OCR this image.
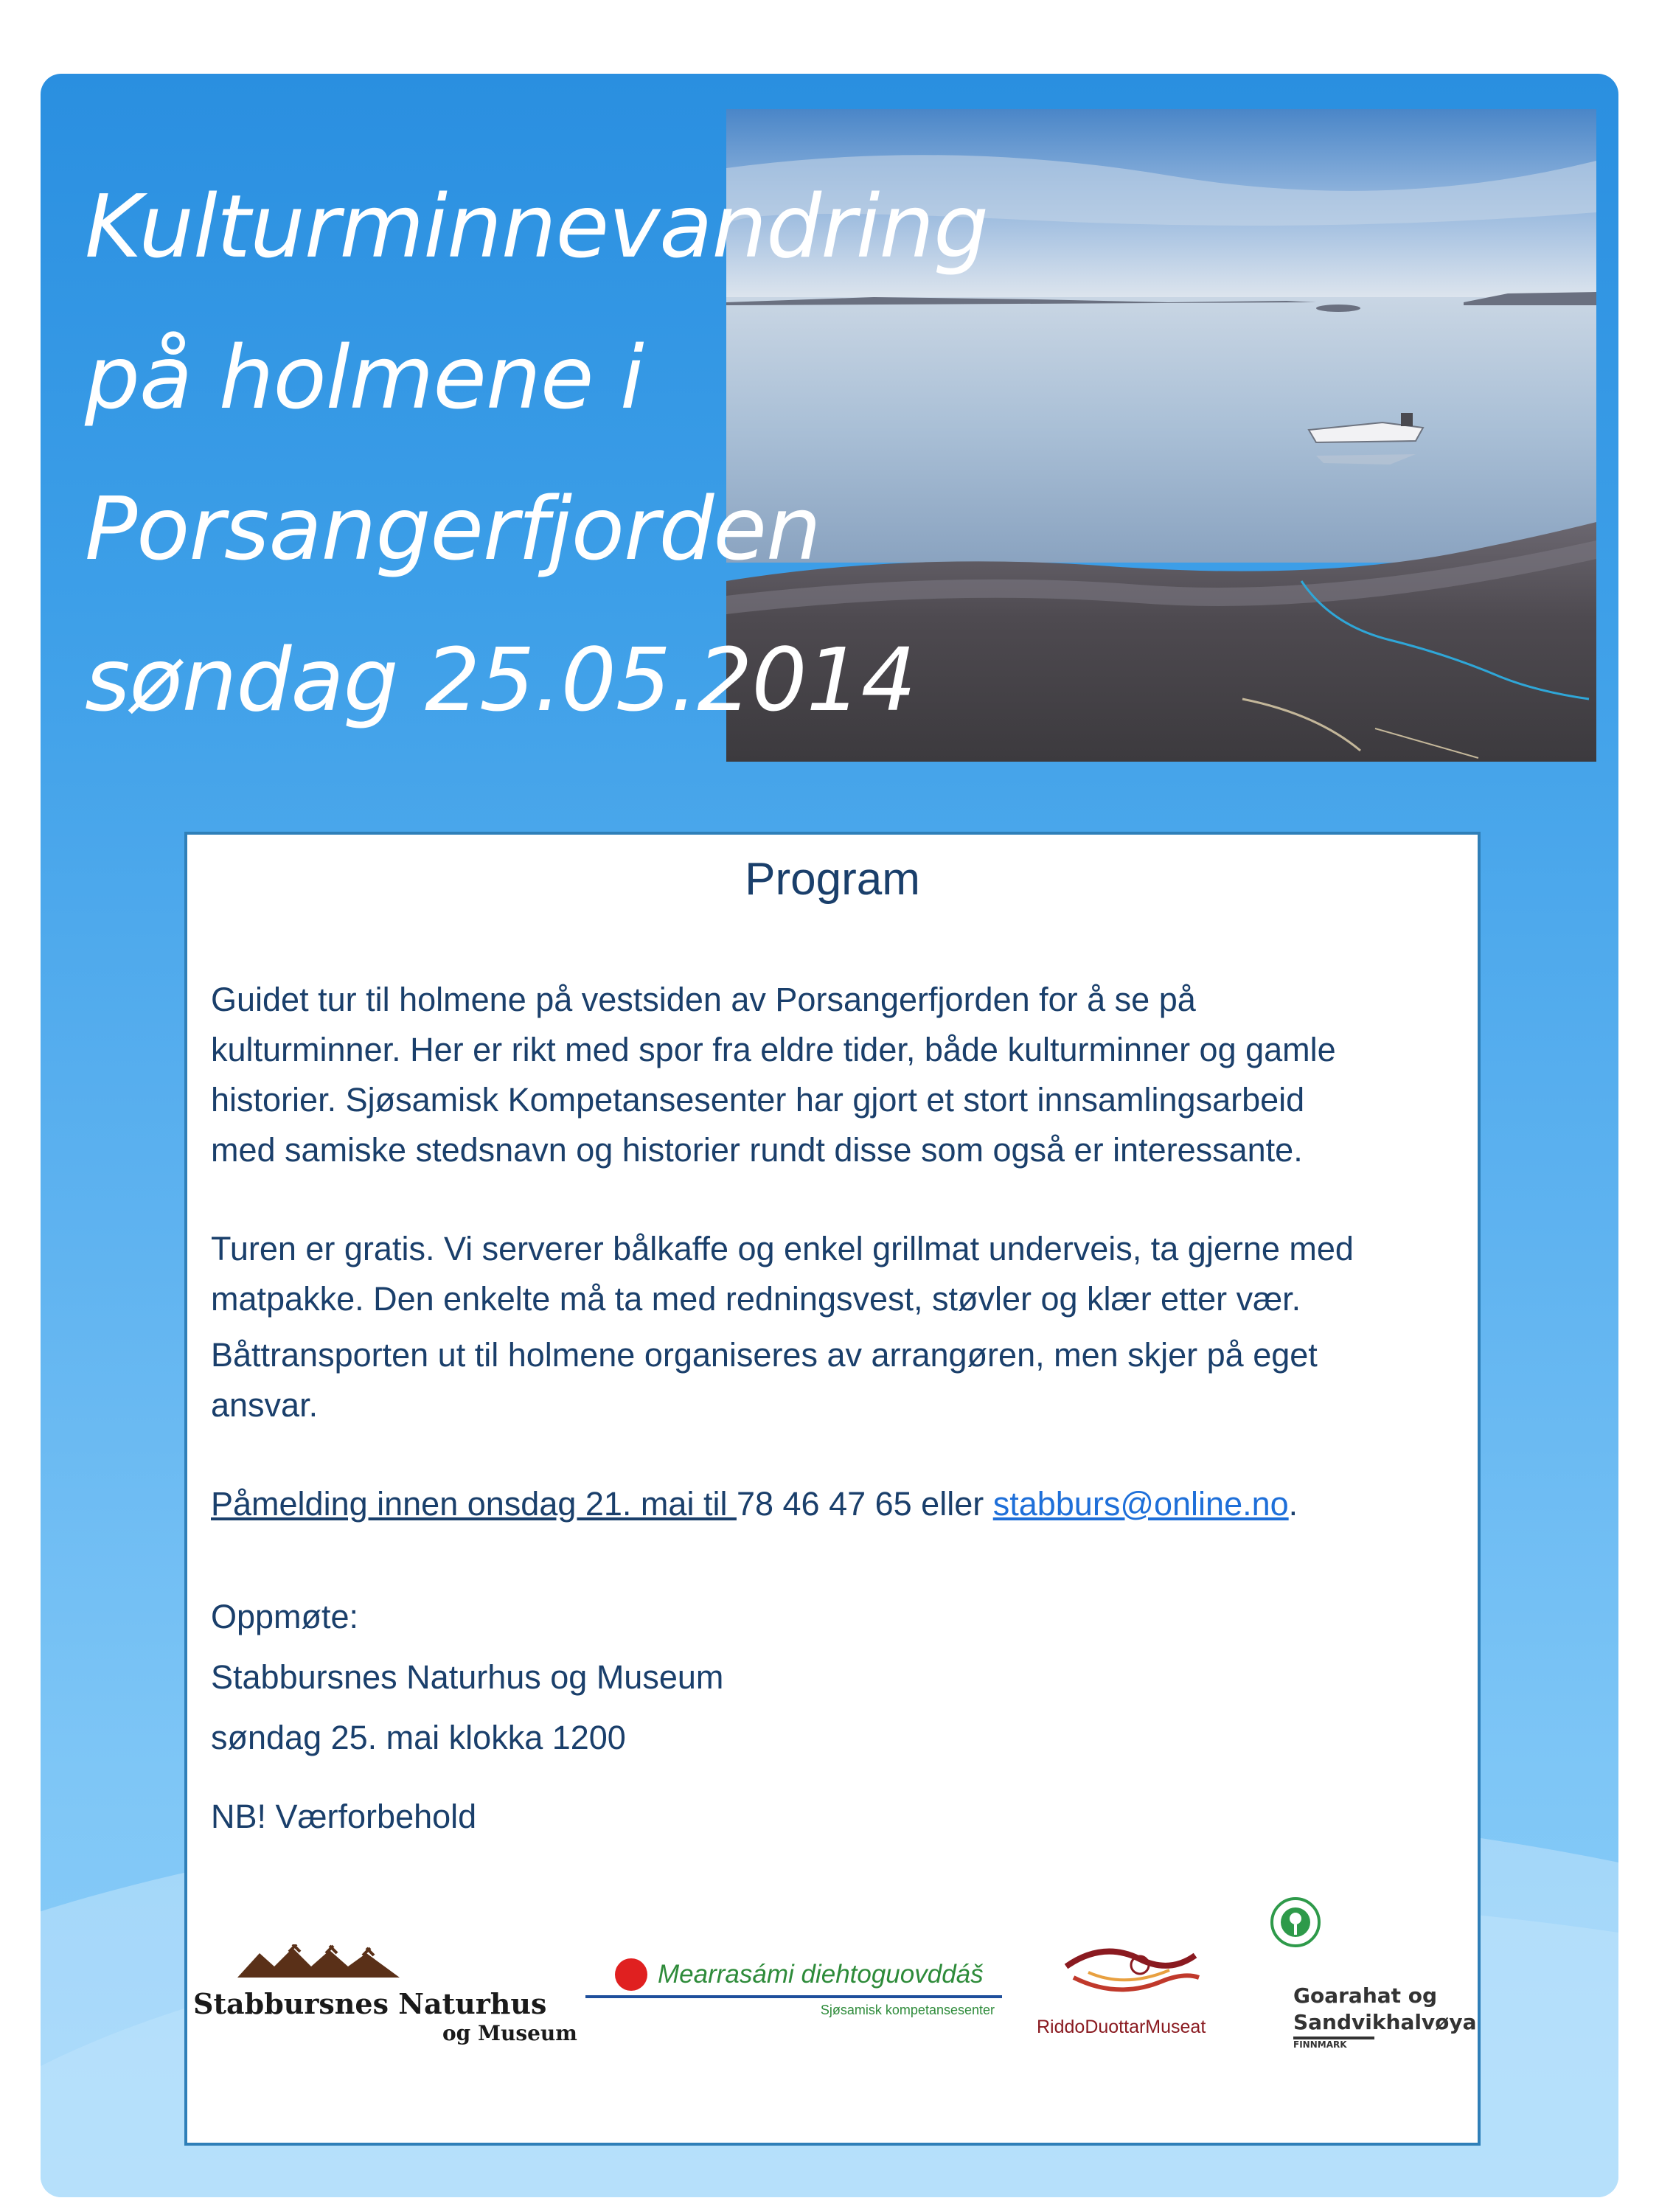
Kulturminnevandring
på holmene i
Porsangerfjorden
søndag 25.05.2014
Program

Guidet tur til holmene på vestsiden av Porsangerfjorden for å se på
kulturminner. Her er rikt med spor fra eldre tider, både kulturminner og gamle
historier. Sjøsamisk Kompetansesenter har gjort et stort innsamlingsarbeid
med samiske stedsnavn og historier rundt disse som også er interessante.

Turen er gratis. Vi serverer bålkaffe og enkel grillmat underveis, ta gjerne med
matpakke. Den enkelte må ta med redningsvest, støvler og klær etter vær.

Båttransporten ut til holmene organiseres av arrangøren, men skjer på eget
ansvar.

Påmelding innen onsdag 21. mai til 78 46 47 65 eller stabburs@online.no.

Oppmøte:
Stabbursnes Naturhus og Museum
søndag 25. mai klokka 1200

NB! Værforbehold

Stabbursnes Naturhus
og Museum
Mearrasámi diehtoguovddáš
Sjøsamisk kompetansesenter
RiddoDuottarMuseat
Goarahat og
Sandvikhalvøya
FINNMARK
